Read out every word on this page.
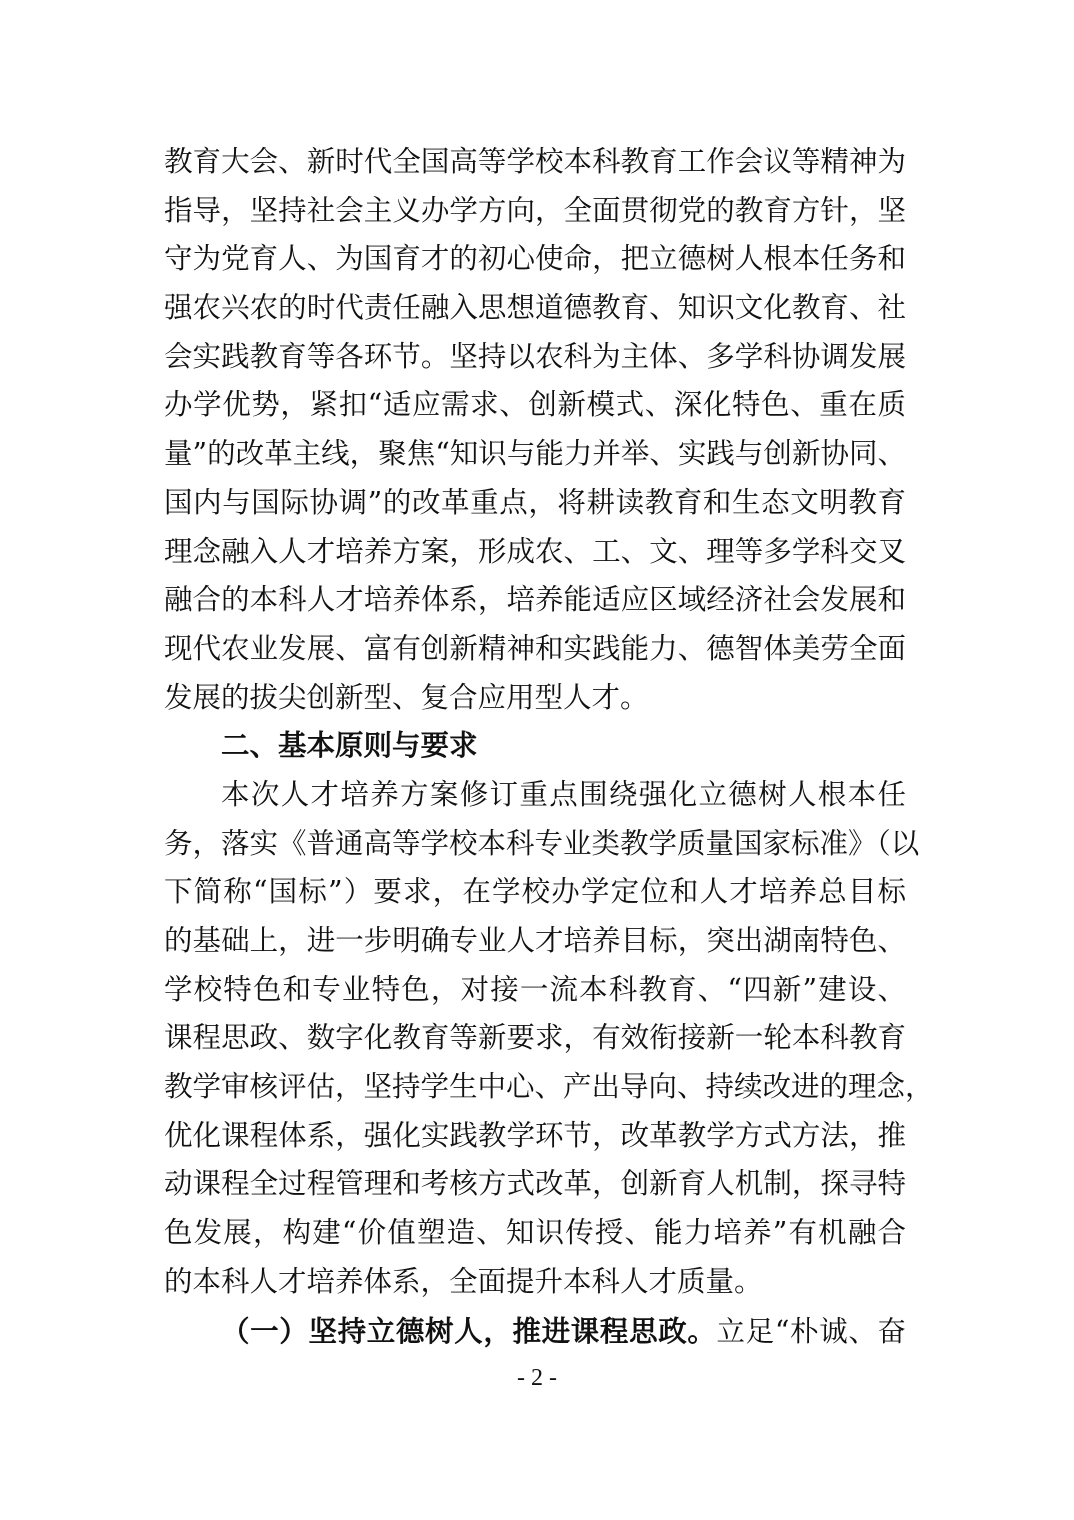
教育大会、新时代全国高等学校本科教育工作会议等精神为
指导，坚持社会主义办学方向，全面贯彻党的教育方针，坚
守为党育人、为国育才的初心使命，把立德树人根本任务和
强农兴农的时代责任融入思想道德教育、知识文化教育、社
会实践教育等各环节。坚持以农科为主体、多学科协调发展
办学优势，紧扣“适应需求、创新模式、深化特色、重在质
量”的改革主线，聚焦“知识与能力并举、实践与创新协同、
国内与国际协调”的改革重点，将耕读教育和生态文明教育
理念融入人才培养方案，形成农、工、文、理等多学科交叉
融合的本科人才培养体系，培养能适应区域经济社会发展和
现代农业发展、富有创新精神和实践能力、德智体美劳全面
发展的拔尖创新型、复合应用型人才。
二、基本原则与要求
本次人才培养方案修订重点围绕强化立德树人根本任
务，落实《普通高等学校本科专业类教学质量国家标准》（以
下简称“国标”）要求，在学校办学定位和人才培养总目标
的基础上，进一步明确专业人才培养目标，突出湖南特色、
学校特色和专业特色，对接一流本科教育、“四新”建设、
课程思政、数字化教育等新要求，有效衔接新一轮本科教育
教学审核评估，坚持学生中心、产出导向、持续改进的理念，
优化课程体系，强化实践教学环节，改革教学方式方法，推
动课程全过程管理和考核方式改革，创新育人机制，探寻特
色发展，构建“价值塑造、知识传授、能力培养”有机融合
的本科人才培养体系，全面提升本科人才质量。
（一）坚持立德树人，推进课程思政。立足“朴诚、奋
- 2 -
